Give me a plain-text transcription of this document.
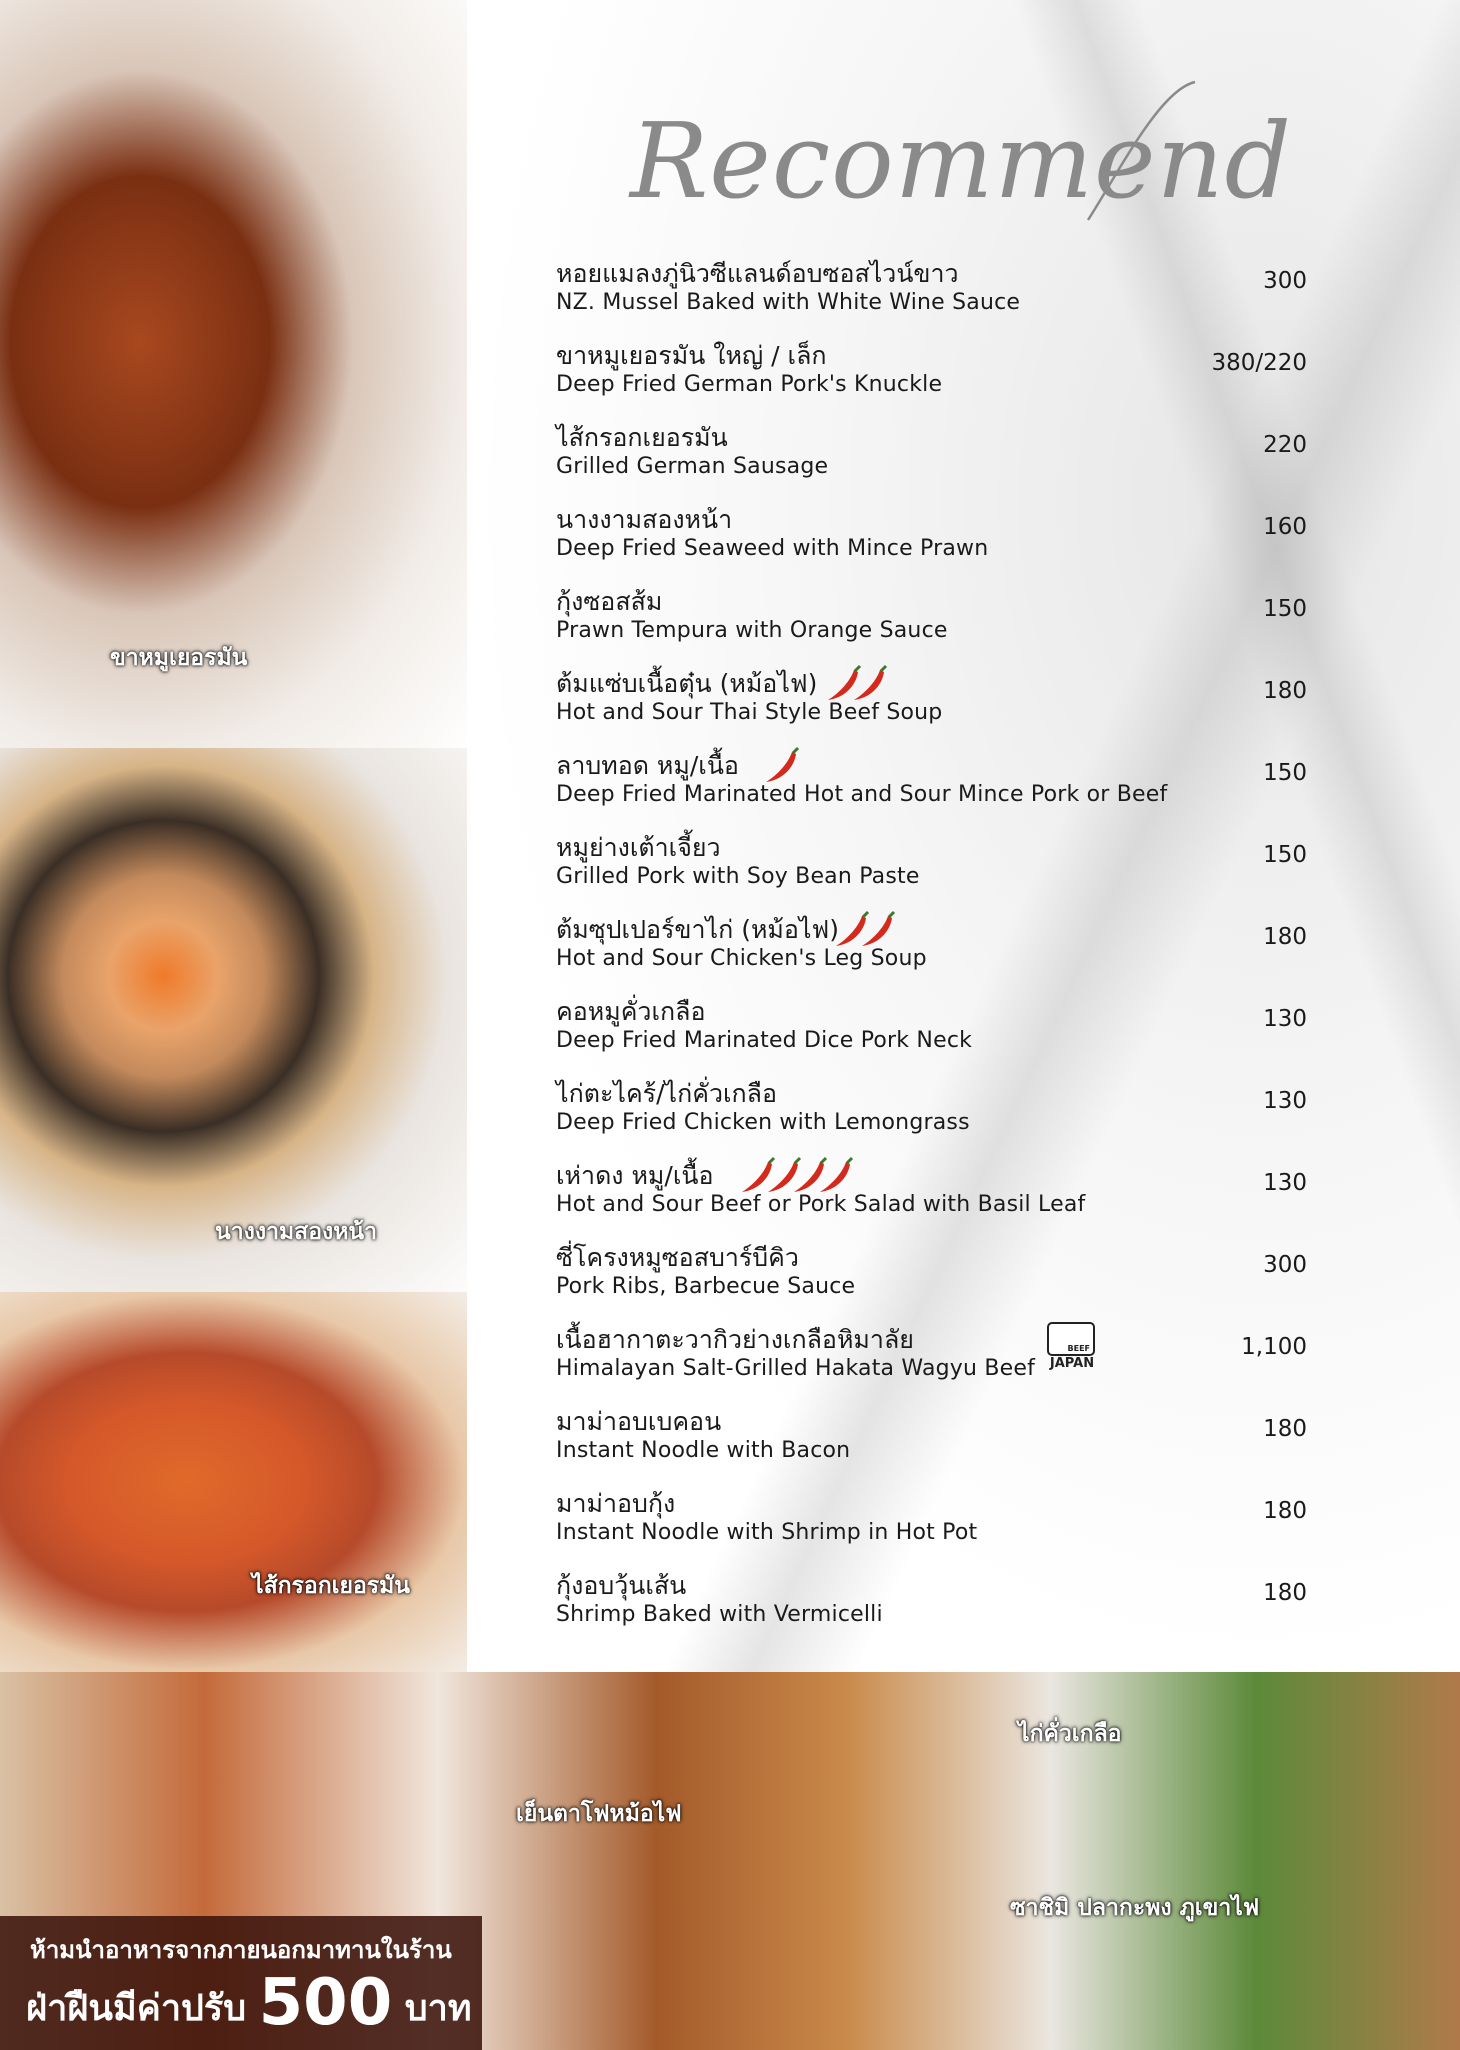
ขาหมูเยอรมัน
นางงามสองหน้า
ไส้กรอกเยอรมัน
Recommend
หอยแมลงภู่นิวซีแลนด์อบซอสไวน์ขาว
NZ. Mussel Baked with White Wine Sauce
300
ขาหมูเยอรมัน ใหญ่ / เล็ก
Deep Fried German Pork's Knuckle
380/220
ไส้กรอกเยอรมัน
Grilled German Sausage
220
นางงามสองหน้า
Deep Fried Seaweed with Mince Prawn
160
กุ้งซอสส้ม
Prawn Tempura with Orange Sauce
150
ต้มแซ่บเนื้อตุ๋น (หม้อไฟ)
Hot and Sour Thai Style Beef Soup
180
ลาบทอด หมู/เนื้อ
Deep Fried Marinated Hot and Sour Mince Pork or Beef
150
หมูย่างเต้าเจี้ยว
Grilled Pork with Soy Bean Paste
150
ต้มซุปเปอร์ขาไก่ (หม้อไฟ)
Hot and Sour Chicken's Leg Soup
180
คอหมูคั่วเกลือ
Deep Fried Marinated Dice Pork Neck
130
ไก่ตะไคร้/ไก่คั่วเกลือ
Deep Fried Chicken with Lemongrass
130
เห่าดง หมู/เนื้อ
Hot and Sour Beef or Pork Salad with Basil Leaf
130
ซี่โครงหมูซอสบาร์บีคิว
Pork Ribs, Barbecue Sauce
300
เนื้อฮากาตะวากิวย่างเกลือหิมาลัย
Himalayan Salt-Grilled Hakata Wagyu Beef
1,100
BEEF
JAPAN
มาม่าอบเบคอน
Instant Noodle with Bacon
180
มาม่าอบกุ้ง
Instant Noodle with Shrimp in Hot Pot
180
กุ้งอบวุ้นเส้น
Shrimp Baked with Vermicelli
180
ไก่คั่วเกลือ
เย็นตาโฟหม้อไฟ
ซาชิมิ ปลากะพง ภูเขาไฟ
ห้ามนำอาหารจากภายนอกมาทานในร้าน
ฝ่าฝืนมีค่าปรับ 500 บาท
